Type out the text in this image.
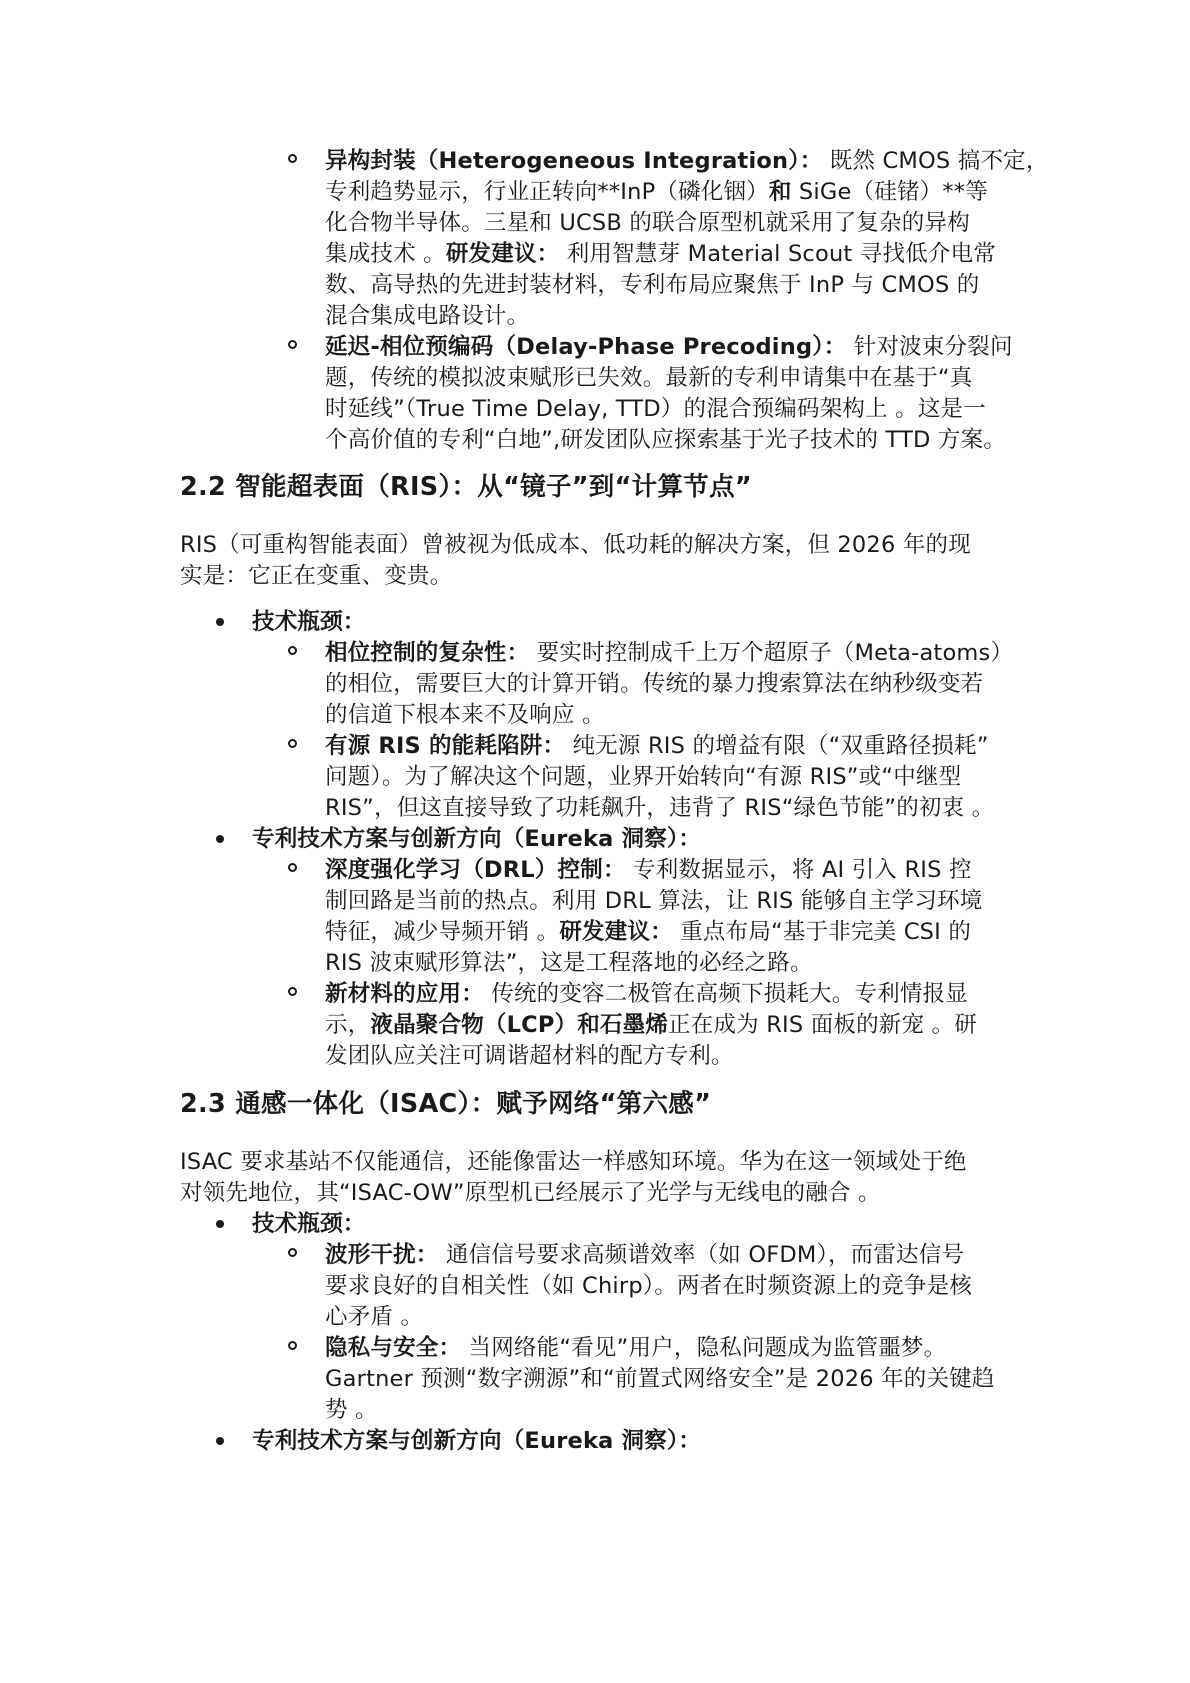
异构封装（Heterogeneous Integration）： 既然 CMOS 搞不定，
专利趋势显示，行业正转向**InP（磷化铟）和 SiGe（硅锗）**等
化合物半导体。三星和 UCSB 的联合原型机就采用了复杂的异构
集成技术 。研发建议： 利用智慧芽 Material Scout 寻找低介电常
数、高导热的先进封装材料，专利布局应聚焦于 InP 与 CMOS 的
混合集成电路设计。
延迟-相位预编码（Delay-Phase Precoding）： 针对波束分裂问
题，传统的模拟波束赋形已失效。最新的专利申请集中在基于“真
时延线”（True Time Delay, TTD）的混合预编码架构上 。这是一
个高价值的专利“白地”,研发团队应探索基于光子技术的 TTD 方案。
2.2 智能超表面（RIS）：从“镜子”到“计算节点”
RIS（可重构智能表面）曾被视为低成本、低功耗的解决方案，但 2026 年的现
实是：它正在变重、变贵。
技术瓶颈：
相位控制的复杂性： 要实时控制成千上万个超原子（Meta-atoms）
的相位，需要巨大的计算开销。传统的暴力搜索算法在纳秒级变若
的信道下根本来不及响应 。
有源 RIS 的能耗陷阱： 纯无源 RIS 的增益有限（“双重路径损耗”
问题）。为了解决这个问题，业界开始转向“有源 RIS”或“中继型
RIS”，但这直接导致了功耗飙升，违背了 RIS“绿色节能”的初衷 。
专利技术方案与创新方向（Eureka 洞察）：
深度强化学习（DRL）控制： 专利数据显示，将 AI 引入 RIS 控
制回路是当前的热点。利用 DRL 算法，让 RIS 能够自主学习环境
特征，减少导频开销 。研发建议： 重点布局“基于非完美 CSI 的
RIS 波束赋形算法”，这是工程落地的必经之路。
新材料的应用： 传统的变容二极管在高频下损耗大。专利情报显
示，液晶聚合物（LCP）和石墨烯正在成为 RIS 面板的新宠 。研
发团队应关注可调谐超材料的配方专利。
2.3 通感一体化（ISAC）：赋予网络“第六感”
ISAC 要求基站不仅能通信，还能像雷达一样感知环境。华为在这一领域处于绝
对领先地位，其“ISAC-OW”原型机已经展示了光学与无线电的融合 。
技术瓶颈：
波形干扰： 通信信号要求高频谱效率（如 OFDM），而雷达信号
要求良好的自相关性（如 Chirp）。两者在时频资源上的竞争是核
心矛盾 。
隐私与安全： 当网络能“看见”用户，隐私问题成为监管噩梦。
Gartner 预测“数字溯源”和“前置式网络安全”是 2026 年的关键趋
势 。
专利技术方案与创新方向（Eureka 洞察）：
